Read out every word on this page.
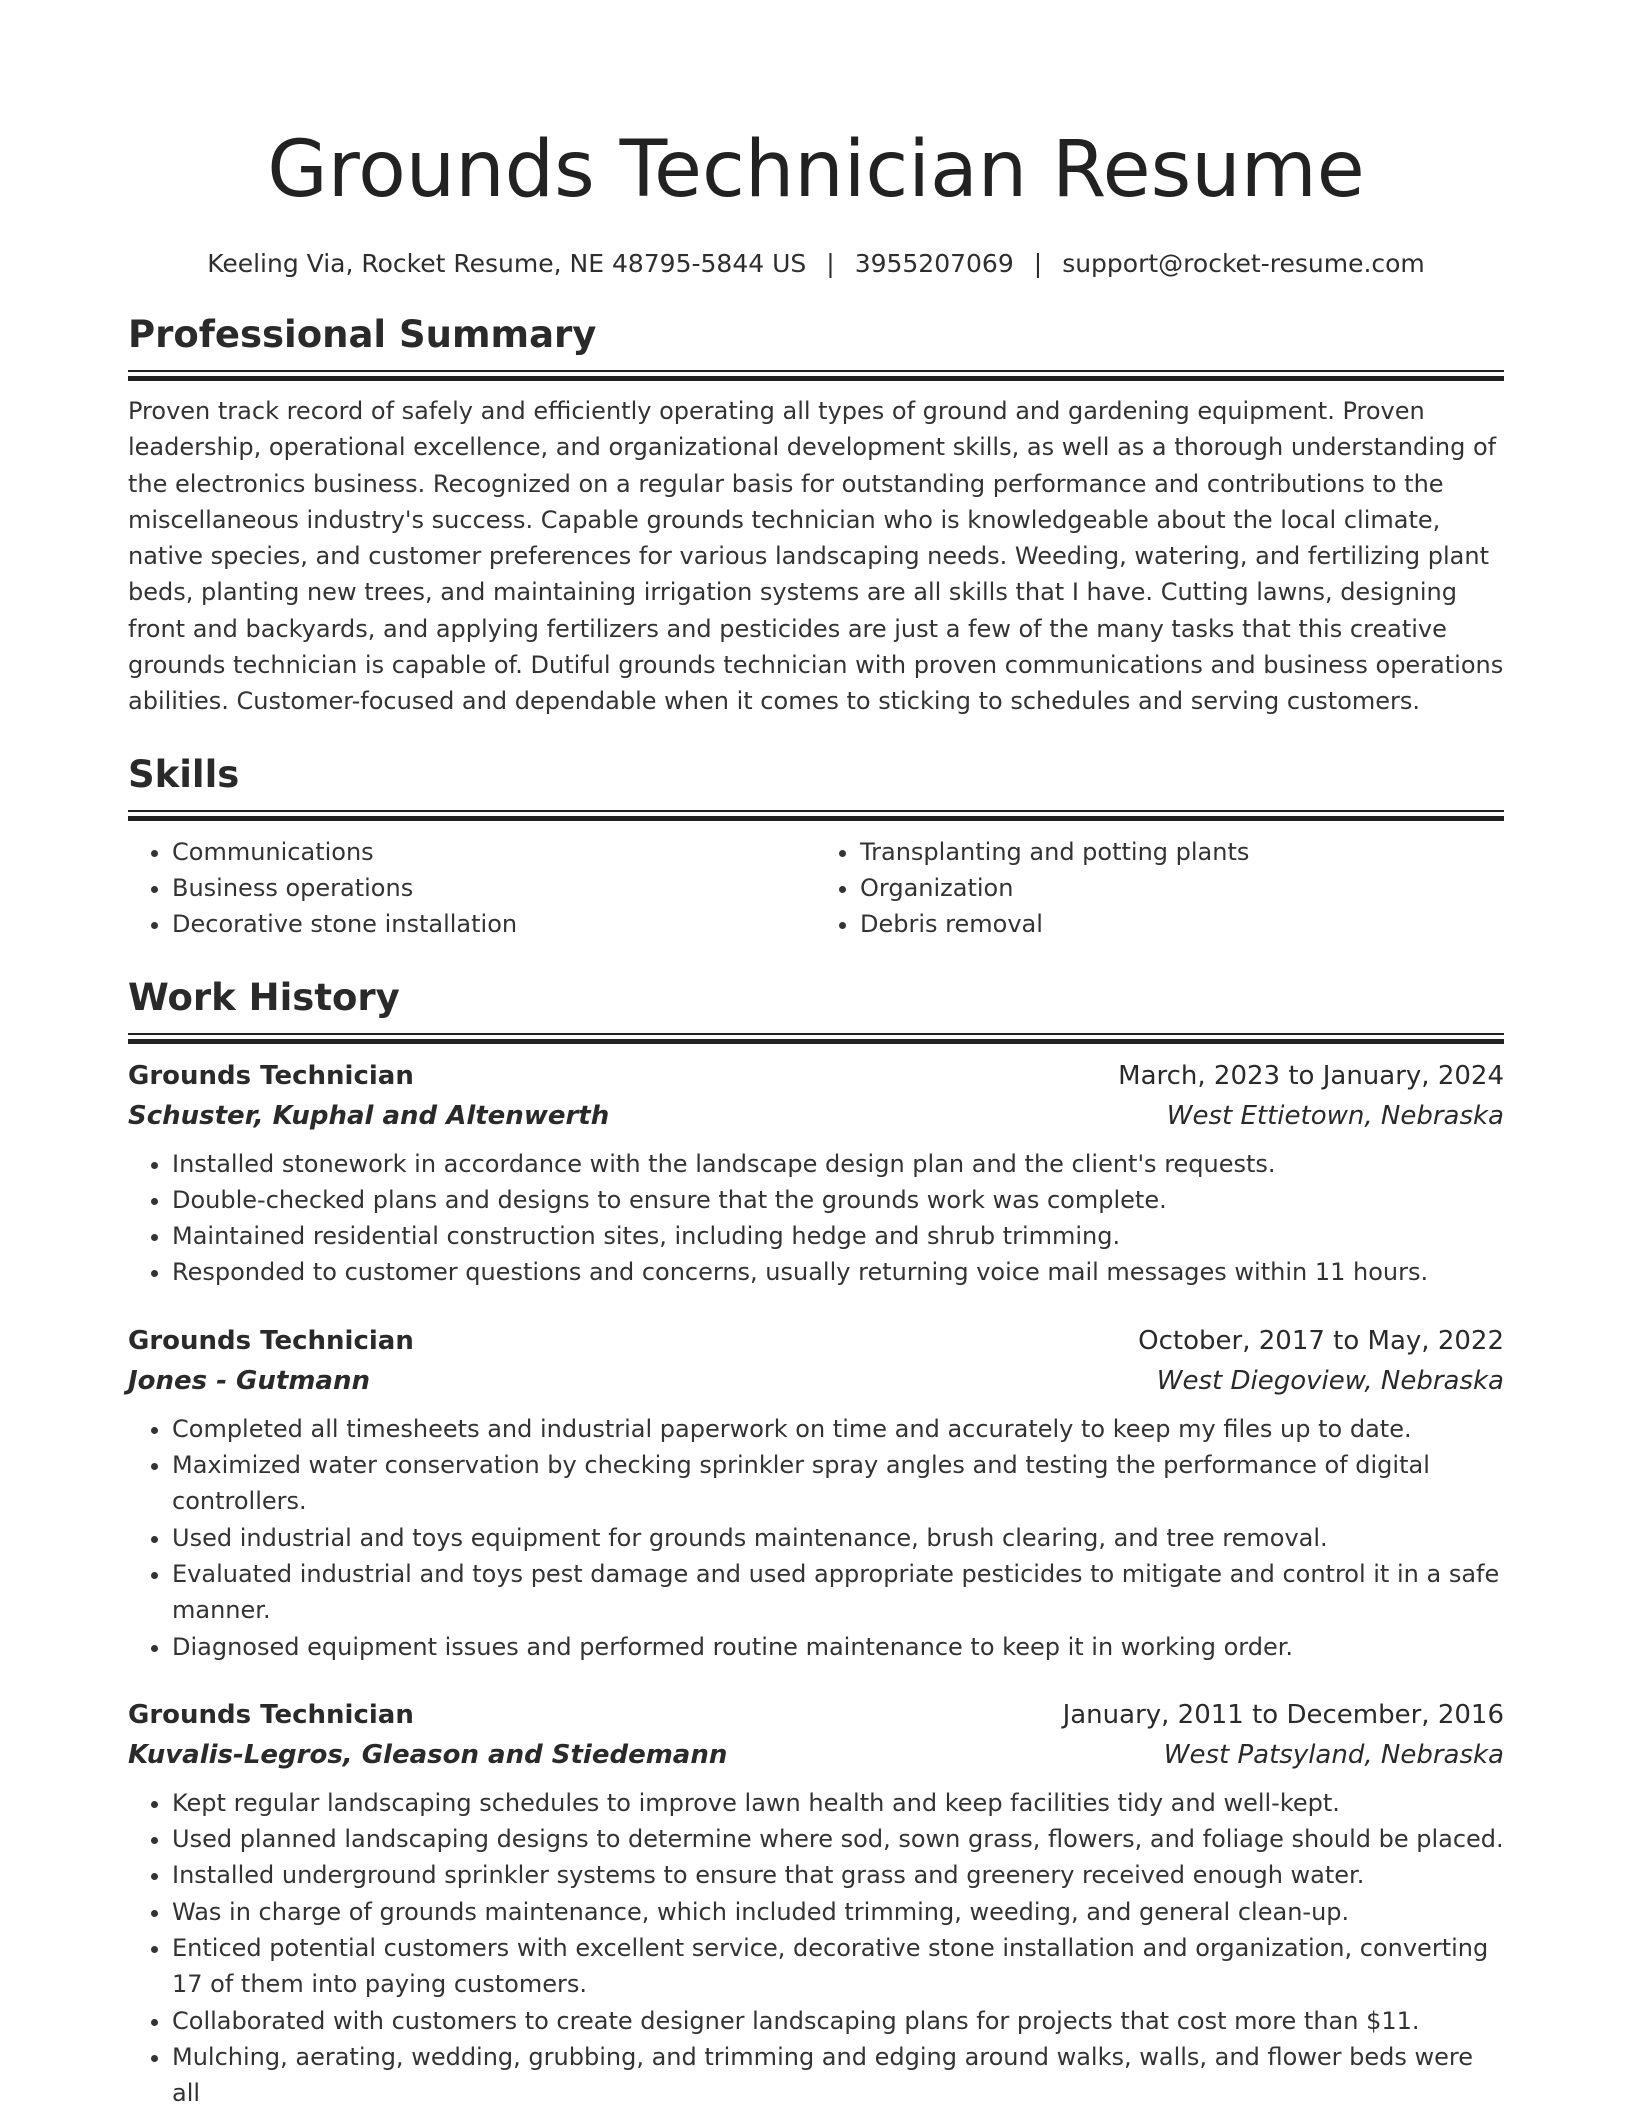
Grounds Technician Resume
Keeling Via, Rocket Resume, NE 48795-5844 US | 3955207069 | support@rocket-resume.com
Professional Summary
Proven track record of safely and efficiently operating all types of ground and gardening equipment. Proven leadership, operational excellence, and organizational development skills, as well as a thorough understanding of the electronics business. Recognized on a regular basis for outstanding performance and contributions to the miscellaneous industry's success. Capable grounds technician who is knowledgeable about the local climate, native species, and customer preferences for various landscaping needs. Weeding, watering, and fertilizing plant beds, planting new trees, and maintaining irrigation systems are all skills that I have. Cutting lawns, designing front and backyards, and applying fertilizers and pesticides are just a few of the many tasks that this creative grounds technician is capable of. Dutiful grounds technician with proven communications and business operations abilities. Customer-focused and dependable when it comes to sticking to schedules and serving customers.
Skills
• Communications
• Business operations
• Decorative stone installation
• Transplanting and potting plants
• Organization
• Debris removal
Work History
Grounds Technician	March, 2023 to January, 2024
Schuster, Kuphal and Altenwerth	West Ettietown, Nebraska
• Installed stonework in accordance with the landscape design plan and the client's requests.
• Double-checked plans and designs to ensure that the grounds work was complete.
• Maintained residential construction sites, including hedge and shrub trimming.
• Responded to customer questions and concerns, usually returning voice mail messages within 11 hours.
Grounds Technician	October, 2017 to May, 2022
Jones - Gutmann	West Diegoview, Nebraska
• Completed all timesheets and industrial paperwork on time and accurately to keep my files up to date.
• Maximized water conservation by checking sprinkler spray angles and testing the performance of digital controllers.
• Used industrial and toys equipment for grounds maintenance, brush clearing, and tree removal.
• Evaluated industrial and toys pest damage and used appropriate pesticides to mitigate and control it in a safe manner.
• Diagnosed equipment issues and performed routine maintenance to keep it in working order.
Grounds Technician	January, 2011 to December, 2016
Kuvalis-Legros, Gleason and Stiedemann	West Patsyland, Nebraska
• Kept regular landscaping schedules to improve lawn health and keep facilities tidy and well-kept.
• Used planned landscaping designs to determine where sod, sown grass, flowers, and foliage should be placed.
• Installed underground sprinkler systems to ensure that grass and greenery received enough water.
• Was in charge of grounds maintenance, which included trimming, weeding, and general clean-up.
• Enticed potential customers with excellent service, decorative stone installation and organization, converting 17 of them into paying customers.
• Collaborated with customers to create designer landscaping plans for projects that cost more than $11.
• Mulching, aerating, wedding, grubbing, and trimming and edging around walks, walls, and flower beds were all
